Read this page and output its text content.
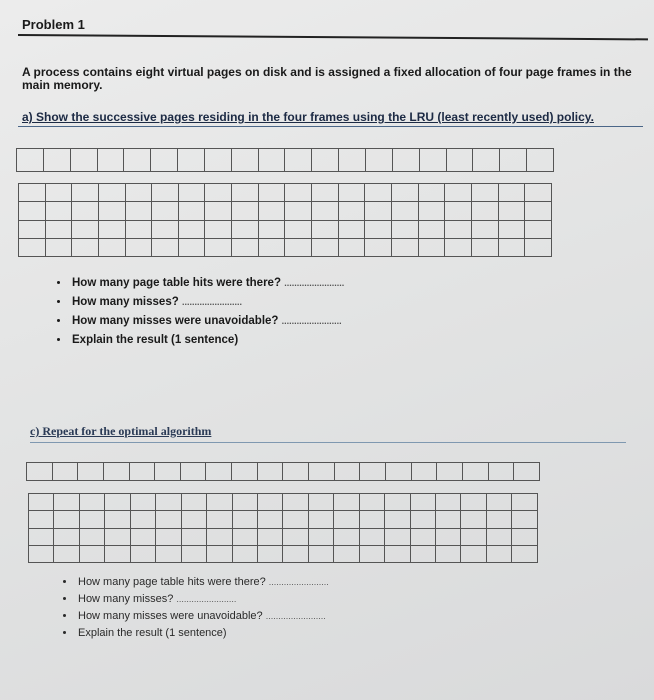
Problem 1
A process contains eight virtual pages on disk and is assigned a fixed allocation of four page frames in the main memory.
a) Show the successive pages residing in the four frames using the LRU (least recently used) policy.

• How many page table hits were there? ........................
• How many misses? ........................
• How many misses were unavoidable? ........................
• Explain the result (1 sentence)
c) Repeat for the optimal algorithm

• How many page table hits were there? ........................
• How many misses? ........................
• How many misses were unavoidable? ........................
• Explain the result (1 sentence)
